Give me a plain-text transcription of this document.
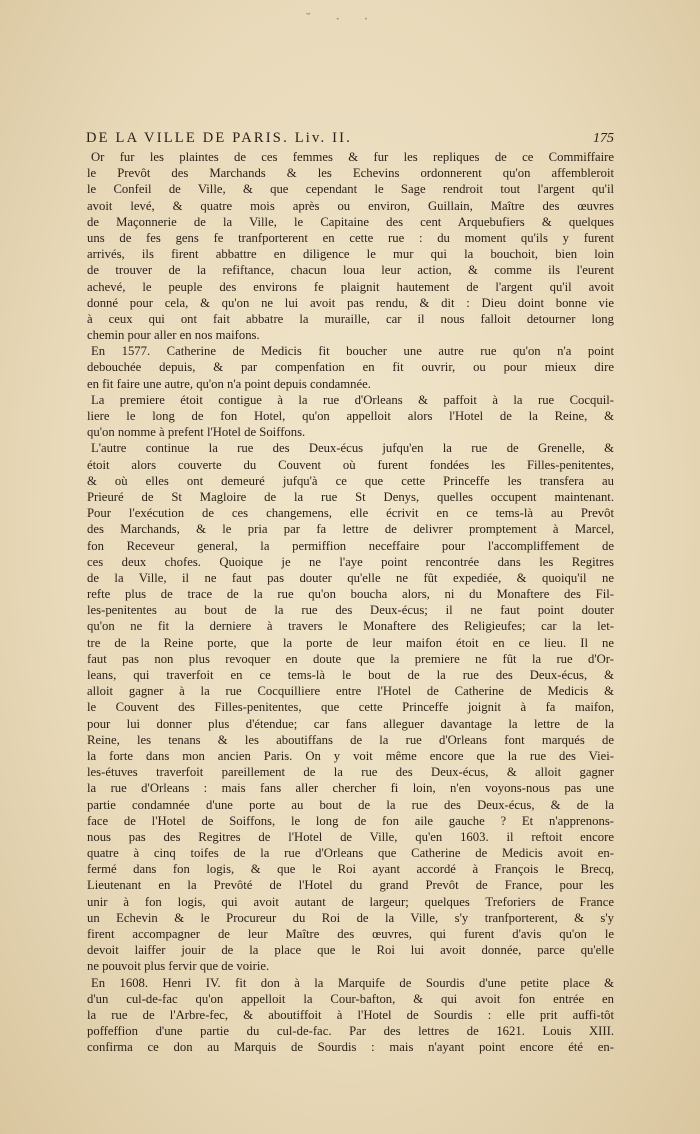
˘ · ·
DE LA VILLE DE PARIS. Liv. II.	175
Or fur les plaintes de ces femmes & fur les repliques de ce Commiffaire
le Prevôt des Marchands & les Echevins ordonnerent qu'on affembleroit
le Confeil de Ville, & que cependant le Sage rendroit tout l'argent qu'il
avoit levé, & quatre mois après ou environ, Guillain, Maître des œuvres
de Maçonnerie de la Ville, le Capitaine des cent Arquebufiers & quelques
uns de fes gens fe tranfporterent en cette rue : du moment qu'ils y furent
arrivés, ils firent abbattre en diligence le mur qui la bouchoit, bien loin
de trouver de la refiftance, chacun loua leur action, & comme ils l'eurent
achevé, le peuple des environs fe plaignit hautement de l'argent qu'il avoit
donné pour cela, & qu'on ne lui avoit pas rendu, & dit : Dieu doint bonne vie
à ceux qui ont fait abbatre la muraille, car il nous falloit detourner long
chemin pour aller en nos maifons.
En 1577. Catherine de Medicis fit boucher une autre rue qu'on n'a point
debouchée depuis, & par compenfation en fit ouvrir, ou pour mieux dire
en fit faire une autre, qu'on n'a point depuis condamnée.
La premiere étoit contigue à la rue d'Orleans & paffoit à la rue Cocquil-
liere le long de fon Hotel, qu'on appelloit alors l'Hotel de la Reine, &
qu'on nomme à prefent l'Hotel de Soiffons.
L'autre continue la rue des Deux-écus jufqu'en la rue de Grenelle, &
étoit alors couverte du Couvent où furent fondées les Filles-penitentes,
& où elles ont demeuré jufqu'à ce que cette Princeffe les transfera au
Prieuré de St Magloire de la rue St Denys, quelles occupent maintenant.
Pour l'exécution de ces changemens, elle écrivit en ce tems-là au Prevôt
des Marchands, & le pria par fa lettre de delivrer promptement à Marcel,
fon Receveur general, la permiffion neceffaire pour l'accompliffement de
ces deux chofes. Quoique je ne l'aye point rencontrée dans les Regitres
de la Ville, il ne faut pas douter qu'elle ne fût expediée, & quoiqu'il ne
refte plus de trace de la rue qu'on boucha alors, ni du Monaftere des Fil-
les-penitentes au bout de la rue des Deux-écus; il ne faut point douter
qu'on ne fit la derniere à travers le Monaftere des Religieufes; car la let-
tre de la Reine porte, que la porte de leur maifon étoit en ce lieu. Il ne
faut pas non plus revoquer en doute que la premiere ne fût la rue d'Or-
leans, qui traverfoit en ce tems-là le bout de la rue des Deux-écus, &
alloit gagner à la rue Cocquilliere entre l'Hotel de Catherine de Medicis &
le Couvent des Filles-penitentes, que cette Princeffe joignit à fa maifon,
pour lui donner plus d'étendue; car fans alleguer davantage la lettre de la
Reine, les tenans & les aboutiffans de la rue d'Orleans font marqués de
la forte dans mon ancien Paris. On y voit même encore que la rue des Viei-
les-étuves traverfoit pareillement de la rue des Deux-écus, & alloit gagner
la rue d'Orleans : mais fans aller chercher fi loin, n'en voyons-nous pas une
partie condamnée d'une porte au bout de la rue des Deux-écus, & de la
face de l'Hotel de Soiffons, le long de fon aile gauche ? Et n'apprenons-
nous pas des Regitres de l'Hotel de Ville, qu'en 1603. il reftoit encore
quatre à cinq toifes de la rue d'Orleans que Catherine de Medicis avoit en-
fermé dans fon logis, & que le Roi ayant accordé à François le Brecq,
Lieutenant en la Prevôté de l'Hotel du grand Prevôt de France, pour les
unir à fon logis, qui avoit autant de largeur; quelques Treforiers de France
un Echevin & le Procureur du Roi de la Ville, s'y tranfporterent, & s'y
firent accompagner de leur Maître des œuvres, qui furent d'avis qu'on le
devoit laiffer jouir de la place que le Roi lui avoit donnée, parce qu'elle
ne pouvoit plus fervir que de voirie.
En 1608. Henri IV. fit don à la Marquife de Sourdis d'une petite place &
d'un cul-de-fac qu'on appelloit la Cour-bafton, & qui avoit fon entrée en
la rue de l'Arbre-fec, & aboutiffoit à l'Hotel de Sourdis : elle prit auffi-tôt
poffeffion d'une partie du cul-de-fac. Par des lettres de 1621. Louis XIII.
confirma ce don au Marquis de Sourdis : mais n'ayant point encore été en-
